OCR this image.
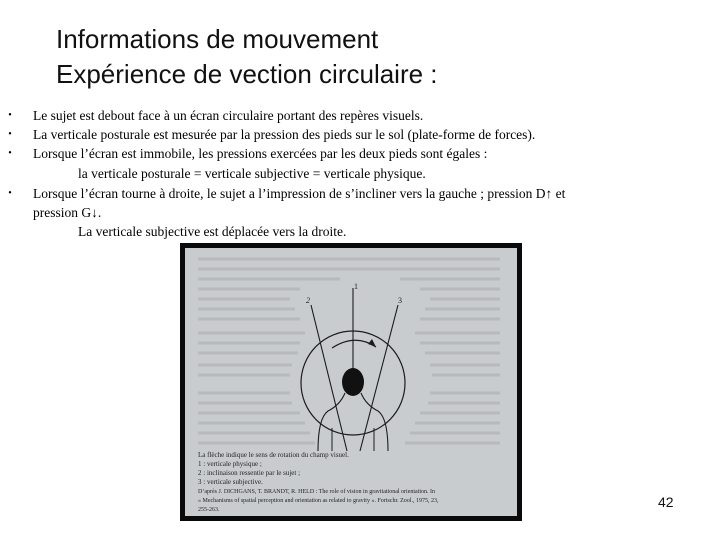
Informations de mouvement
Expérience de vection circulaire :
• Le sujet est debout face à un écran circulaire portant des repères visuels.
• La verticale posturale est mesurée par la pression des pieds sur le sol (plate-forme de forces).
• Lorsque l’écran est immobile, les pressions exercées par les deux pieds sont égales :
la verticale posturale = verticale subjective = verticale physique.
• Lorsque l’écran tourne à droite, le sujet a l’impression de s’incliner vers la gauche ; pression D↑ et
pression G↓.
La verticale subjective est déplacée vers la droite.
1
2	3
La flèche indique le sens de rotation du champ visuel.
1 : verticale physique ;
2 : inclinaison ressentie par le sujet ;
3 : verticale subjective.
D’après J. DICHGANS, T. BRANDT, R. HELD : The role of vision in gravitational orientation. In
« Mechanisms of spatial perception and orientation as related to gravity ». Fortschr. Zool., 1975, 23,
255-263.	42
